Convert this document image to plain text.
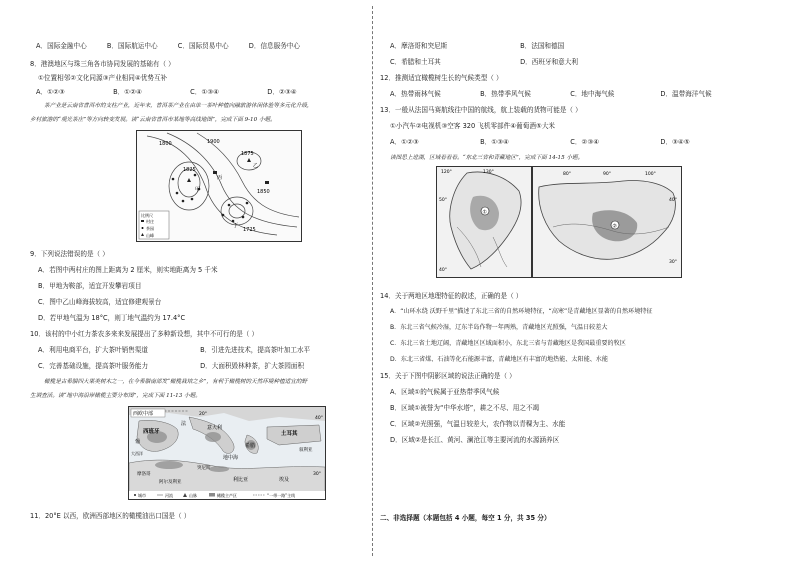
A．国际金融中心	B．国际航运中心	C．国际贸易中心	D．信息服务中心
8．港澳地区与珠三角各市协同发展的基础有（ ）
①位置相邻②文化同源③产业相同④优势互补
A．①②③	B．①②④	C．①③④	D．②③④
茶产业是云南省普洱市的支柱产业，近年来，普洱茶产业在由单一茶叶种植向融旅游休闲体验等多元化升级，
乡村旅游的“观光茶庄”等方向转变发展。读“云南省普洱市某地等高线地图”，完成下面 9-10 小题。
1800	1900
1825
1875
1850
1725
甲
乙
丙
丁
比例尺
村庄
茶园
山峰
9．下列说法错误的是（ ）
A．若图中两村庄的图上距离为 2 厘米，则实地距离为 5 千米
B．甲地为鞍部，适宜开发攀岩项目
C．图中乙山峰海拔较高，适宜修建观景台
D．若甲地气温为 18°C，则丁地气温约为 17.4°C
10．该村的中小红力茶农多来来发展提出了多种新设想，其中不可行的是（ ）
A．利用电商平台，扩大茶叶销售渠道	B．引进先进技术，提高茶叶加工水平
C．完善基础设施，提高茶叶服务能力	D．大面积毁林种茶，扩大茶园面积
橄榄是古希腊四大果类树木之一，在今希腊南部发“橄榄栽培之乡”，有利于橄榄树的天然环境种植适宜的野
生调查活。读“地中海沿岸橄榄主要分布图”，完成下面 11-13 小题。
西欧中部
西班牙
葡
法
意大利
希腊
土耳其
叙利亚
摩洛哥
阿尔及利亚
突尼斯
利比亚	埃及
地中海
大西洋
20°
40°
30°
城市	河流	山脉	橄榄主产区	“一带一路”主线
11．20°E 以西，欧洲西部地区的橄榄油出口国是（ ）
A．摩洛哥和突尼斯	B．法国和德国
C．希腊和土耳其	D．西班牙和意大利
12．推测适宜橄榄树生长的气候类型（ ）
A．热带雨林气候	B．热带季风气候	C．地中海气候	D．温带海洋气候
13．一般从法国马赛航线往中国的航线，航上装载的货物可能是（ ）
①小汽车②电视机③空客 320 飞机零部件④葡萄酒⑤大米
A．①②③	B．①③④	C．②③④	D．③④⑤
读图思上进湖，区域看看看。“东北三省和青藏地区”，完成下面 14-15 小题。
①
120°	130°
50°
40°
②
80°	90°	100°
40°
30°
14．关于两地区地理特征的叙述，正确的是（ ）
A．“山环水绕 沃野千里”描述了东北三省的自然环境特征，“高寒”是青藏地区显著的自然环境特征
B．东北三省气候冷湿，辽东半岛作物一年两熟，青藏地区光照强，气温日较差大
C．东北三省土地辽阔，青藏地区区域面积小，东北三省与青藏地区是我国最重要的牧区
D．东北三省煤、石油等化石能源丰富，青藏地区有丰富的地热能、太阳能、水能
15．关于下图中阴影区域的说法正确的是（ ）
A．区域①的气候属于亚热带季风气候
B．区域①被誉为“中华水塔”，耕之不尽、用之不竭
C．区域②光照强，气温日较差大，农作物以青稞为主、水能
D．区域②是长江、黄河、澜沧江等主要河流的水源涵养区
二、非选择题（本题包括 4 小题，每空 1 分，共 35 分）
